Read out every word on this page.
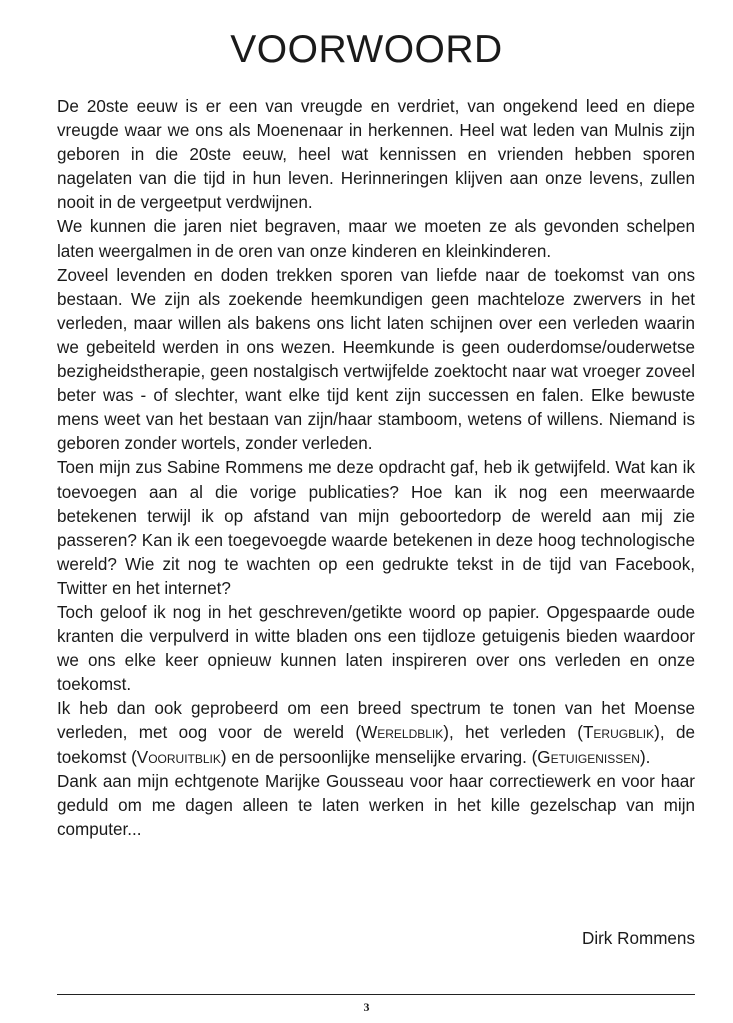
VOORWOORD

De 20ste eeuw is er een van vreugde en verdriet, van ongekend leed en diepe vreugde waar we ons als Moenenaar in herkennen. Heel wat leden van Mulnis zijn geboren in die 20ste eeuw, heel wat kennissen en vrienden hebben sporen nagelaten van die tijd in hun leven. Herinneringen klijven aan onze levens, zullen nooit in de vergeetput verdwijnen.

We kunnen die jaren niet begraven, maar we moeten ze als gevonden schelpen laten weergalmen in de oren van onze kinderen en kleinkinderen.

Zoveel levenden en doden trekken sporen van liefde naar de toekomst van ons bestaan. We zijn als zoekende heemkundigen geen machteloze zwervers in het verleden, maar willen als bakens ons licht laten schijnen over een verleden waarin we gebeiteld werden in ons wezen. Heemkunde is geen ouderdomse/ouderwetse bezigheidstherapie, geen nostalgisch vertwijfelde zoektocht naar wat vroeger zoveel beter was - of slechter, want elke tijd kent zijn successen en falen. Elke bewuste mens weet van het bestaan van zijn/haar stamboom, wetens of willens. Niemand is geboren zonder wortels, zonder verleden.

Toen mijn zus Sabine Rommens me deze opdracht gaf, heb ik getwijfeld. Wat kan ik toevoegen aan al die vorige publicaties? Hoe kan ik nog een meerwaarde betekenen terwijl ik op afstand van mijn geboortedorp de wereld aan mij zie passeren? Kan ik een toegevoegde waarde betekenen in deze hoog technologische wereld? Wie zit nog te wachten op een gedrukte tekst in de tijd van Facebook, Twitter en het internet?

Toch geloof ik nog in het geschreven/getikte woord op papier. Opgespaarde oude kranten die verpulverd in witte bladen ons een tijdloze getuigenis bieden waardoor we ons elke keer opnieuw kunnen laten inspireren over ons verleden en onze toekomst.

Ik heb dan ook geprobeerd om een breed spectrum te tonen van het Moense verleden, met oog voor de wereld (Wereldblik), het verleden (Terugblik), de toekomst (Vooruitblik) en de persoonlijke menselijke ervaring. (Getuigenissen).

Dank aan mijn echtgenote Marijke Gousseau voor haar correctiewerk en voor haar geduld om me dagen alleen te laten werken in het kille gezelschap van mijn computer...

Dirk Rommens

3
